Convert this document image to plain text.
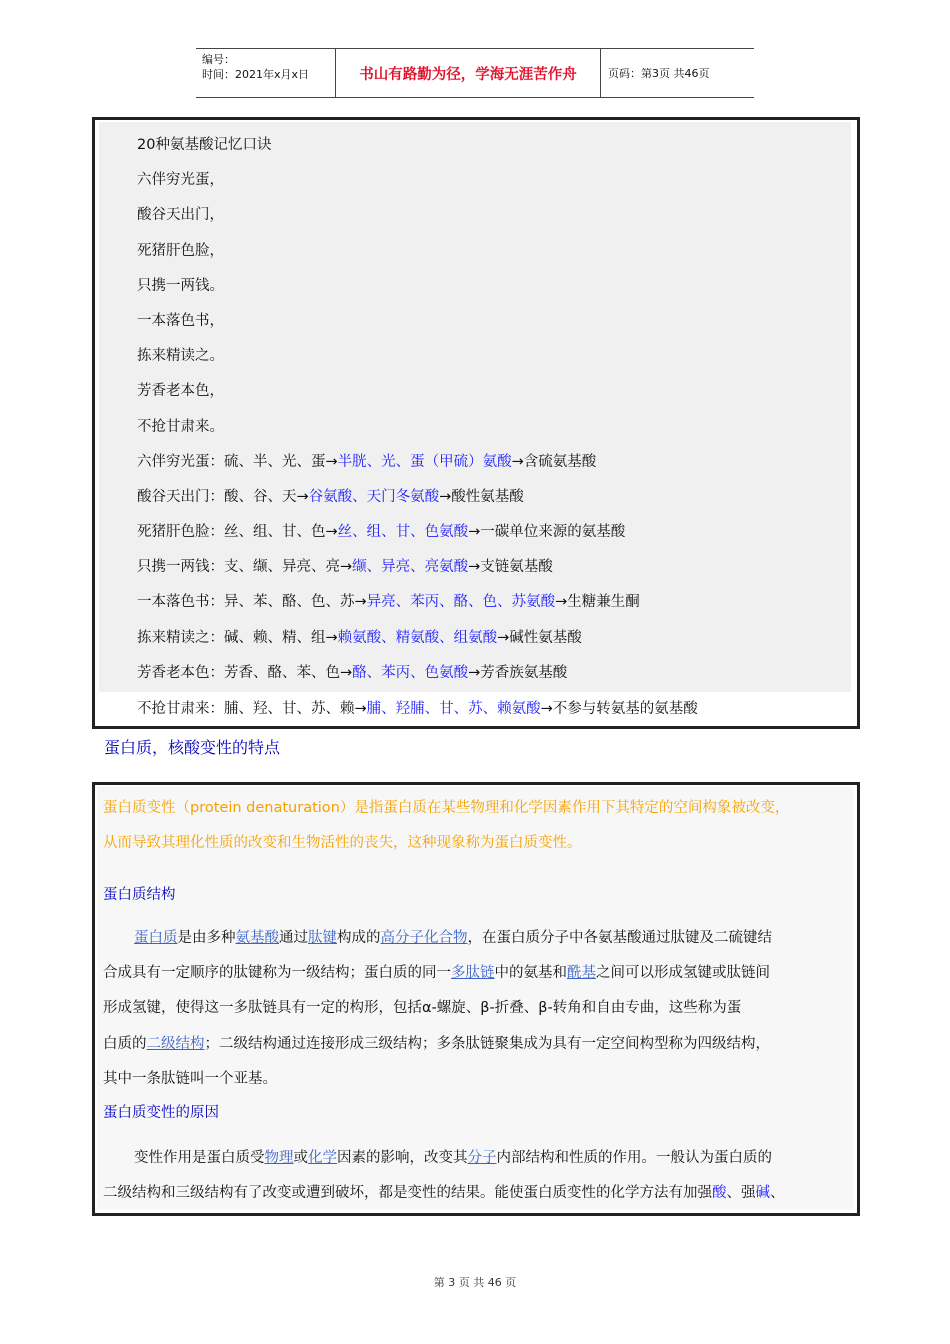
编号：
时间：2021年x月x日	书山有路勤为径，学海无涯苦作舟	页码：第3页 共46页
20种氨基酸记忆口诀
六伴穷光蛋，
酸谷天出门，
死猪肝色脸，
只携一两钱。
一本落色书，
拣来精读之。
芳香老本色，
不抢甘肃来。
六伴穷光蛋：硫、半、光、蛋→半胱、光、蛋（甲硫）氨酸→含硫氨基酸
酸谷天出门：酸、谷、天→谷氨酸、天门冬氨酸→酸性氨基酸
死猪肝色脸：丝、组、甘、色→丝、组、甘、色氨酸→一碳单位来源的氨基酸
只携一两钱：支、缬、异亮、亮→缬、异亮、亮氨酸→支链氨基酸
一本落色书：异、苯、酪、色、苏→异亮、苯丙、酪、色、苏氨酸→生糖兼生酮
拣来精读之：碱、赖、精、组→赖氨酸、精氨酸、组氨酸→碱性氨基酸
芳香老本色：芳香、酪、苯、色→酪、苯丙、色氨酸→芳香族氨基酸
不抢甘肃来：脯、羟、甘、苏、赖→脯、羟脯、甘、苏、赖氨酸→不参与转氨基的氨基酸
蛋白质，核酸变性的特点
蛋白质变性（protein denaturation）是指蛋白质在某些物理和化学因素作用下其特定的空间构象被改变，
从而导致其理化性质的改变和生物活性的丧失，这种现象称为蛋白质变性。
蛋白质结构
蛋白质是由多种氨基酸通过肽键构成的高分子化合物，在蛋白质分子中各氨基酸通过肽键及二硫键结
合成具有一定顺序的肽键称为一级结构；蛋白质的同一多肽链中的氨基和酰基之间可以形成氢键或肽链间
形成氢键，使得这一多肽链具有一定的构形，包括α-螺旋、β-折叠、β-转角和自由专曲，这些称为蛋
白质的二级结构；二级结构通过连接形成三级结构；多条肽链聚集成为具有一定空间构型称为四级结构，
其中一条肽链叫一个亚基。
蛋白质变性的原因
变性作用是蛋白质受物理或化学因素的影响，改变其分子内部结构和性质的作用。一般认为蛋白质的
二级结构和三级结构有了改变或遭到破坏，都是变性的结果。能使蛋白质变性的化学方法有加强酸、强碱、
第 3 页 共 46 页
